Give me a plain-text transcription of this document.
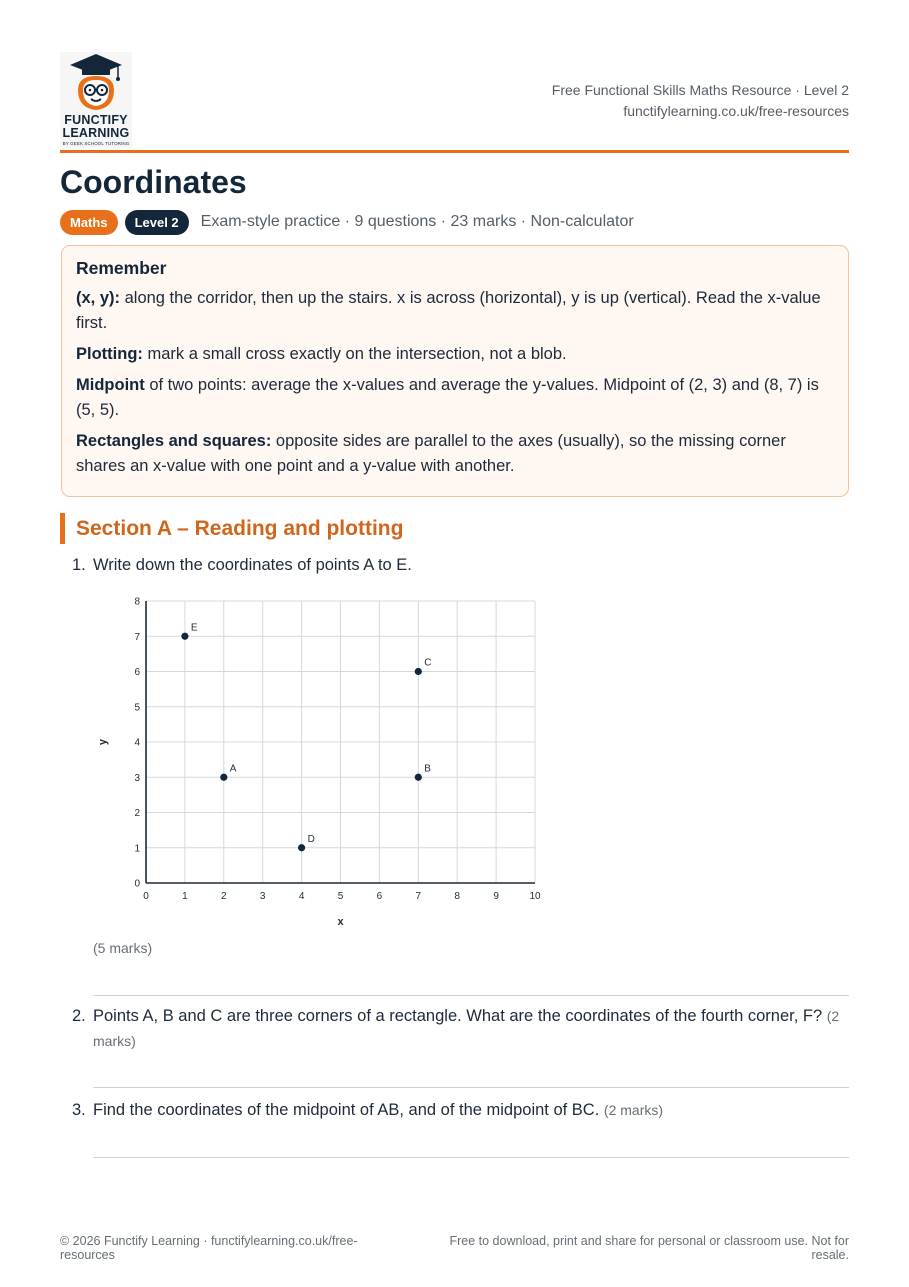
FUNCTIFY
LEARNING
BY GEEK SCHOOL TUTORING
Free Functional Skills Maths Resource · Level 2
functifylearning.co.uk/free-resources
Coordinates
Maths	Level 2	Exam-style practice · 9 questions · 23 marks · Non-calculator
Remember

(x, y): along the corridor, then up the stairs. x is across (horizontal), y is up (vertical). Read the x-value first.

Plotting: mark a small cross exactly on the intersection, not a blob.

Midpoint of two points: average the x-values and average the y-values. Midpoint of (2, 3) and (8, 7) is (5, 5).

Rectangles and squares: opposite sides are parallel to the axes (usually), so the missing corner shares an x-value with one point and a y-value with another.

Section A – Reading and plotting
1. Write down the coordinates of points A to E.
0	1	2	3	4	5	6	7	8	9	10
0
1
2
3
4
5
6
7
8
x
y
A	B
C
D
E
(5 marks)
2. Points A, B and C are three corners of a rectangle. What are the coordinates of the fourth corner, F? (2 marks)
3. Find the coordinates of the midpoint of AB, and of the midpoint of BC. (2 marks)
© 2026 Functify Learning · functifylearning.co.uk/free-resources
Free to download, print and share for personal or classroom use. Not for resale.
